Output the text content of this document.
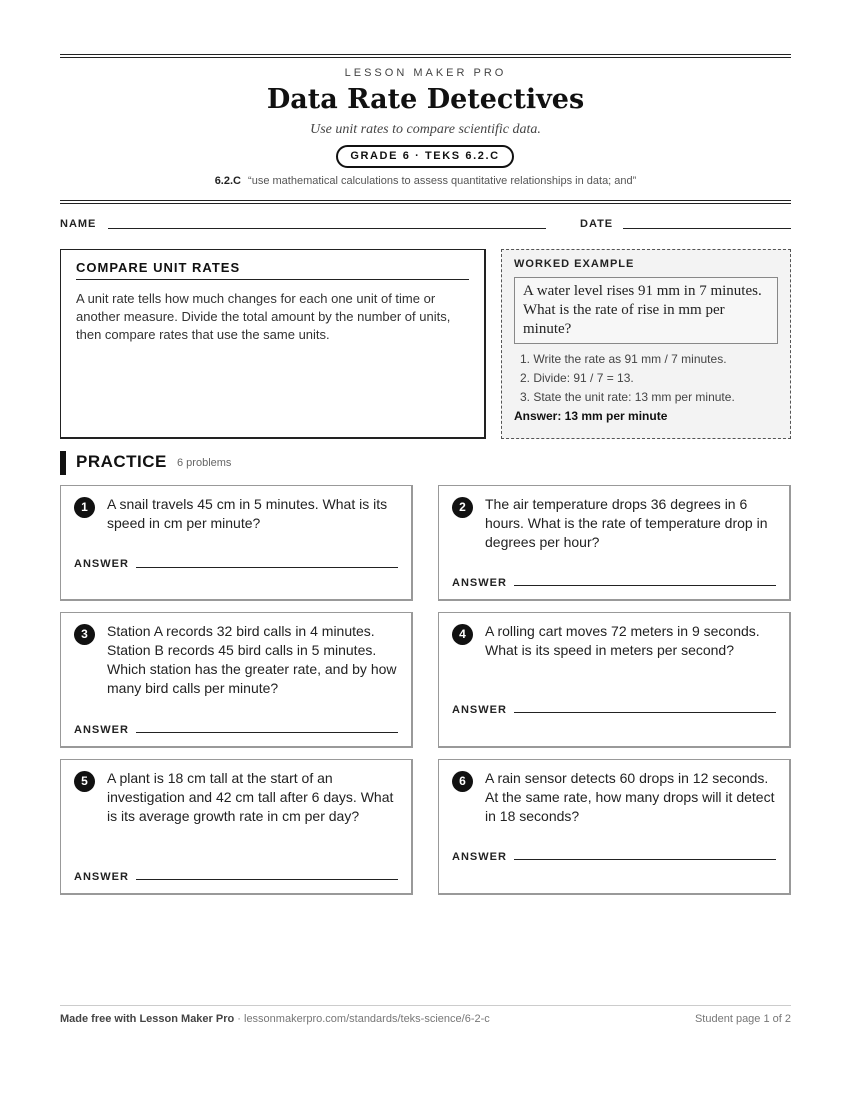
LESSON MAKER PRO
Data Rate Detectives
Use unit rates to compare scientific data.
GRADE 6 · TEKS 6.2.C
6.2.C “use mathematical calculations to assess quantitative relationships in data; and”
NAME	DATE
COMPARE UNIT RATES
A unit rate tells how much changes for each one unit of time or another measure. Divide the total amount by the number of units, then compare rates that use the same units.
WORKED EXAMPLE
A water level rises 91 mm in 7 minutes. What is the rate of rise in mm per minute?
1. Write the rate as 91 mm / 7 minutes.
2. Divide: 91 / 7 = 13.
3. State the unit rate: 13 mm per minute.
Answer: 13 mm per minute
PRACTICE 6 problems
1	A snail travels 45 cm in 5 minutes. What is its speed in cm per minute?
ANSWER
2	The air temperature drops 36 degrees in 6 hours. What is the rate of temperature drop in degrees per hour?
ANSWER
3	Station A records 32 bird calls in 4 minutes. Station B records 45 bird calls in 5 minutes. Which station has the greater rate, and by how many bird calls per minute?
ANSWER
4	A rolling cart moves 72 meters in 9 seconds. What is its speed in meters per second?
ANSWER
5	A plant is 18 cm tall at the start of an investigation and 42 cm tall after 6 days. What is its average growth rate in cm per day?
ANSWER
6	A rain sensor detects 60 drops in 12 seconds. At the same rate, how many drops will it detect in 18 seconds?
ANSWER
Made free with Lesson Maker Pro · lessonmakerpro.com/standards/teks-science/6-2-c	Student page 1 of 2
